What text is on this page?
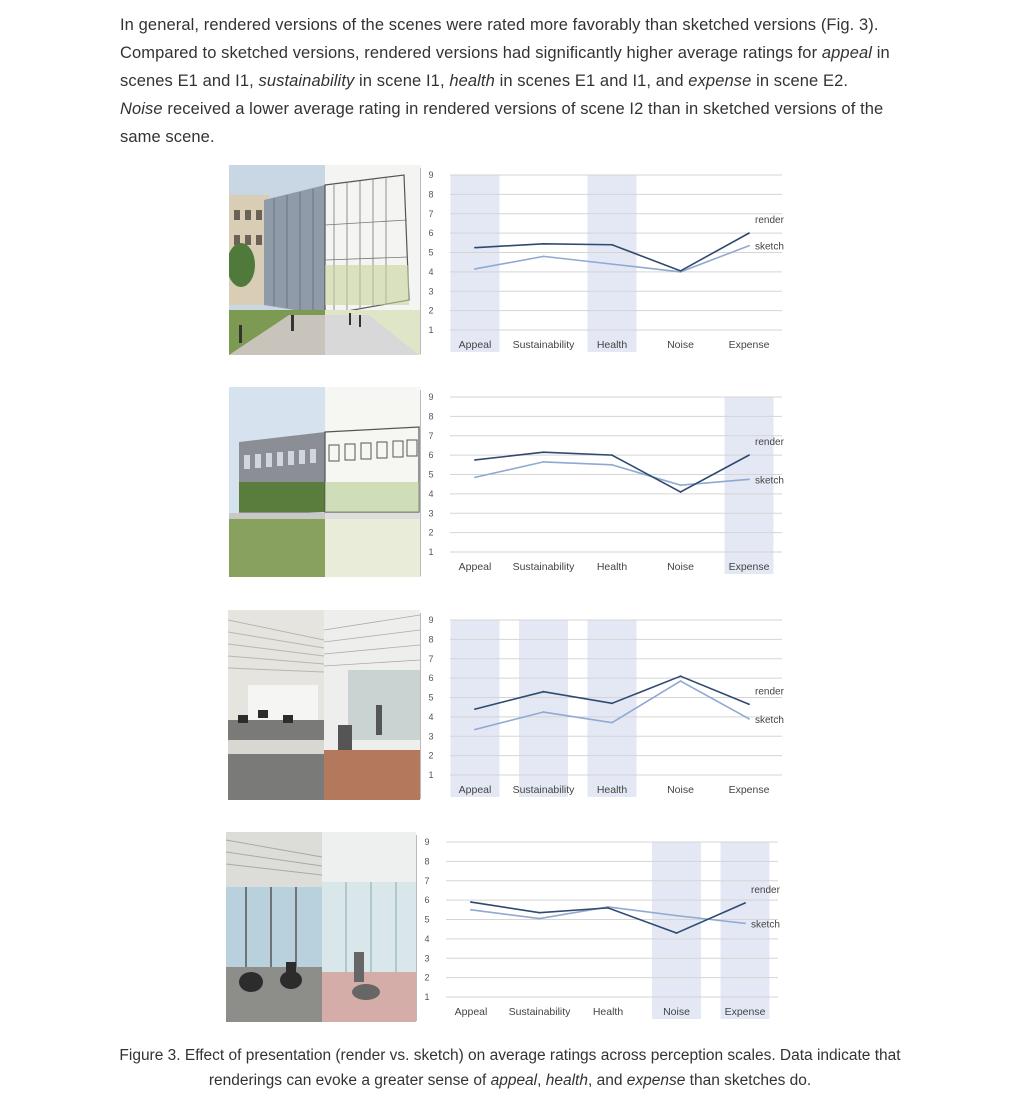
In general, rendered versions of the scenes were rated more favorably than sketched versions (Fig. 3). Compared to sketched versions, rendered versions had significantly higher average ratings for appeal in scenes E1 and I1, sustainability in scene I1, health in scenes E1 and I1, and expense in scene E2. Noise received a lower average rating in rendered versions of scene I2 than in sketched versions of the same scene.

1
2
3
4
5
6
7
8
9
Appeal Sustainability Health	Noise	Expense
render
sketch
1
2
3
4
5
6
7
8
9
Appeal Sustainability Health	Noise	Expense
render
sketch
1
2
3
4
5
6
7
8
9
Appeal Sustainability Health	Noise	Expense
render
sketch
1
2
3
4
5
6
7
8
9
Appeal Sustainability Health	Noise	Expense
render
sketch

Figure 3. Effect of presentation (render vs. sketch) on average ratings across perception scales. Data indicate that renderings can evoke a greater sense of appeal, health, and expense than sketches do.
